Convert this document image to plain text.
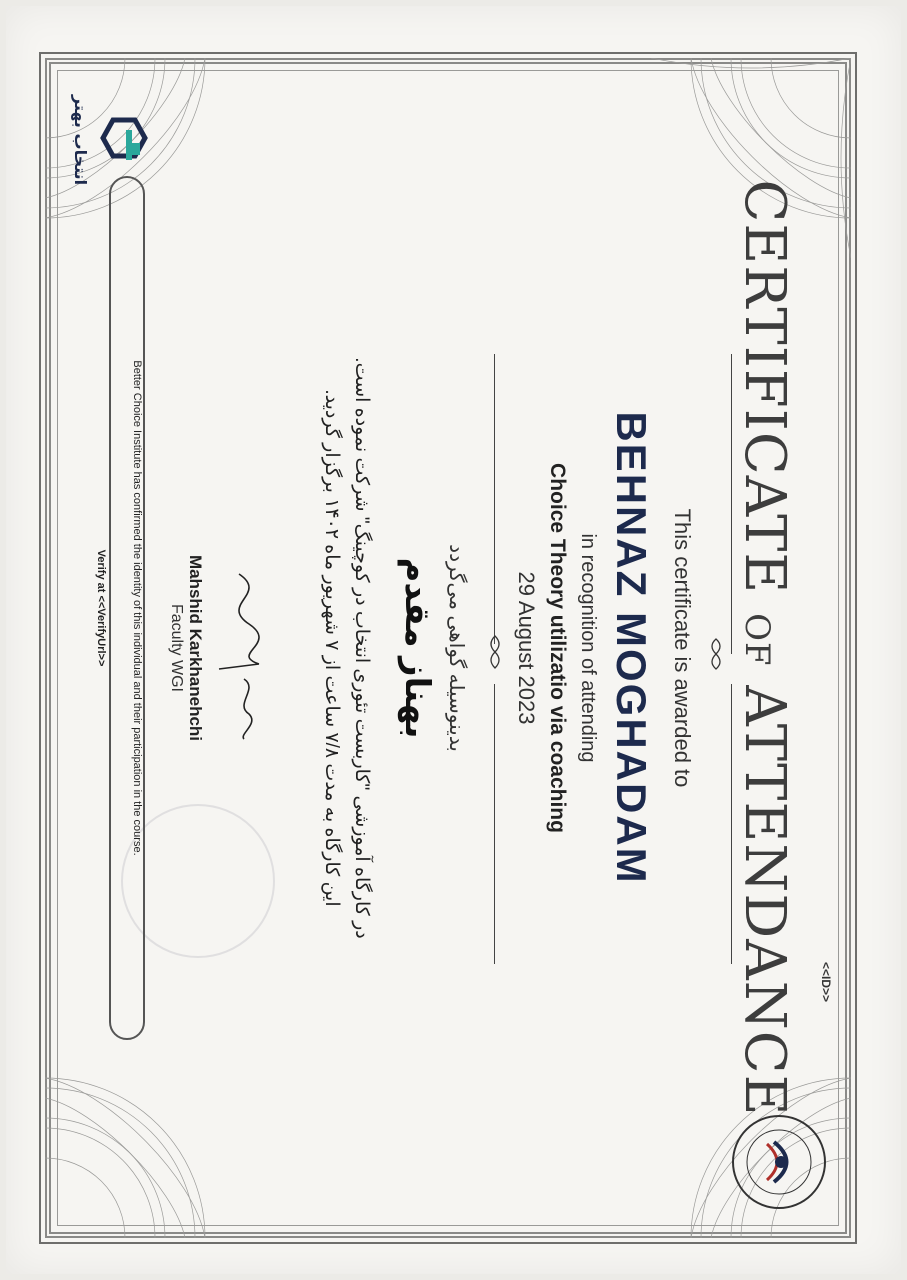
<<ID>>
CERTIFICATE OF ATTENDANCE
This certificate is awarded to
BEHNAZ MOGHADAM
in recognition of attending
Choice Theory utilizatio via coaching
29 August 2023
بدینوسیله گواهی می‌گردد
بهناز مقدم
در کارگاه آموزشی "کاربست تئوری انتخاب در کوچینگ" شرکت نموده است.
این کارگاه به مدت ۷/۸ ساعت از ۷ شهریور ماه ۱۴۰۲ برگزار گردید.
Mahshid Karkhanehchi
Faculty WGI
Better Choice Institute has confirmed the identity of this individual and their participation in the course.
Verify at <<VerifyUrl>>
انتخاب بهتر
